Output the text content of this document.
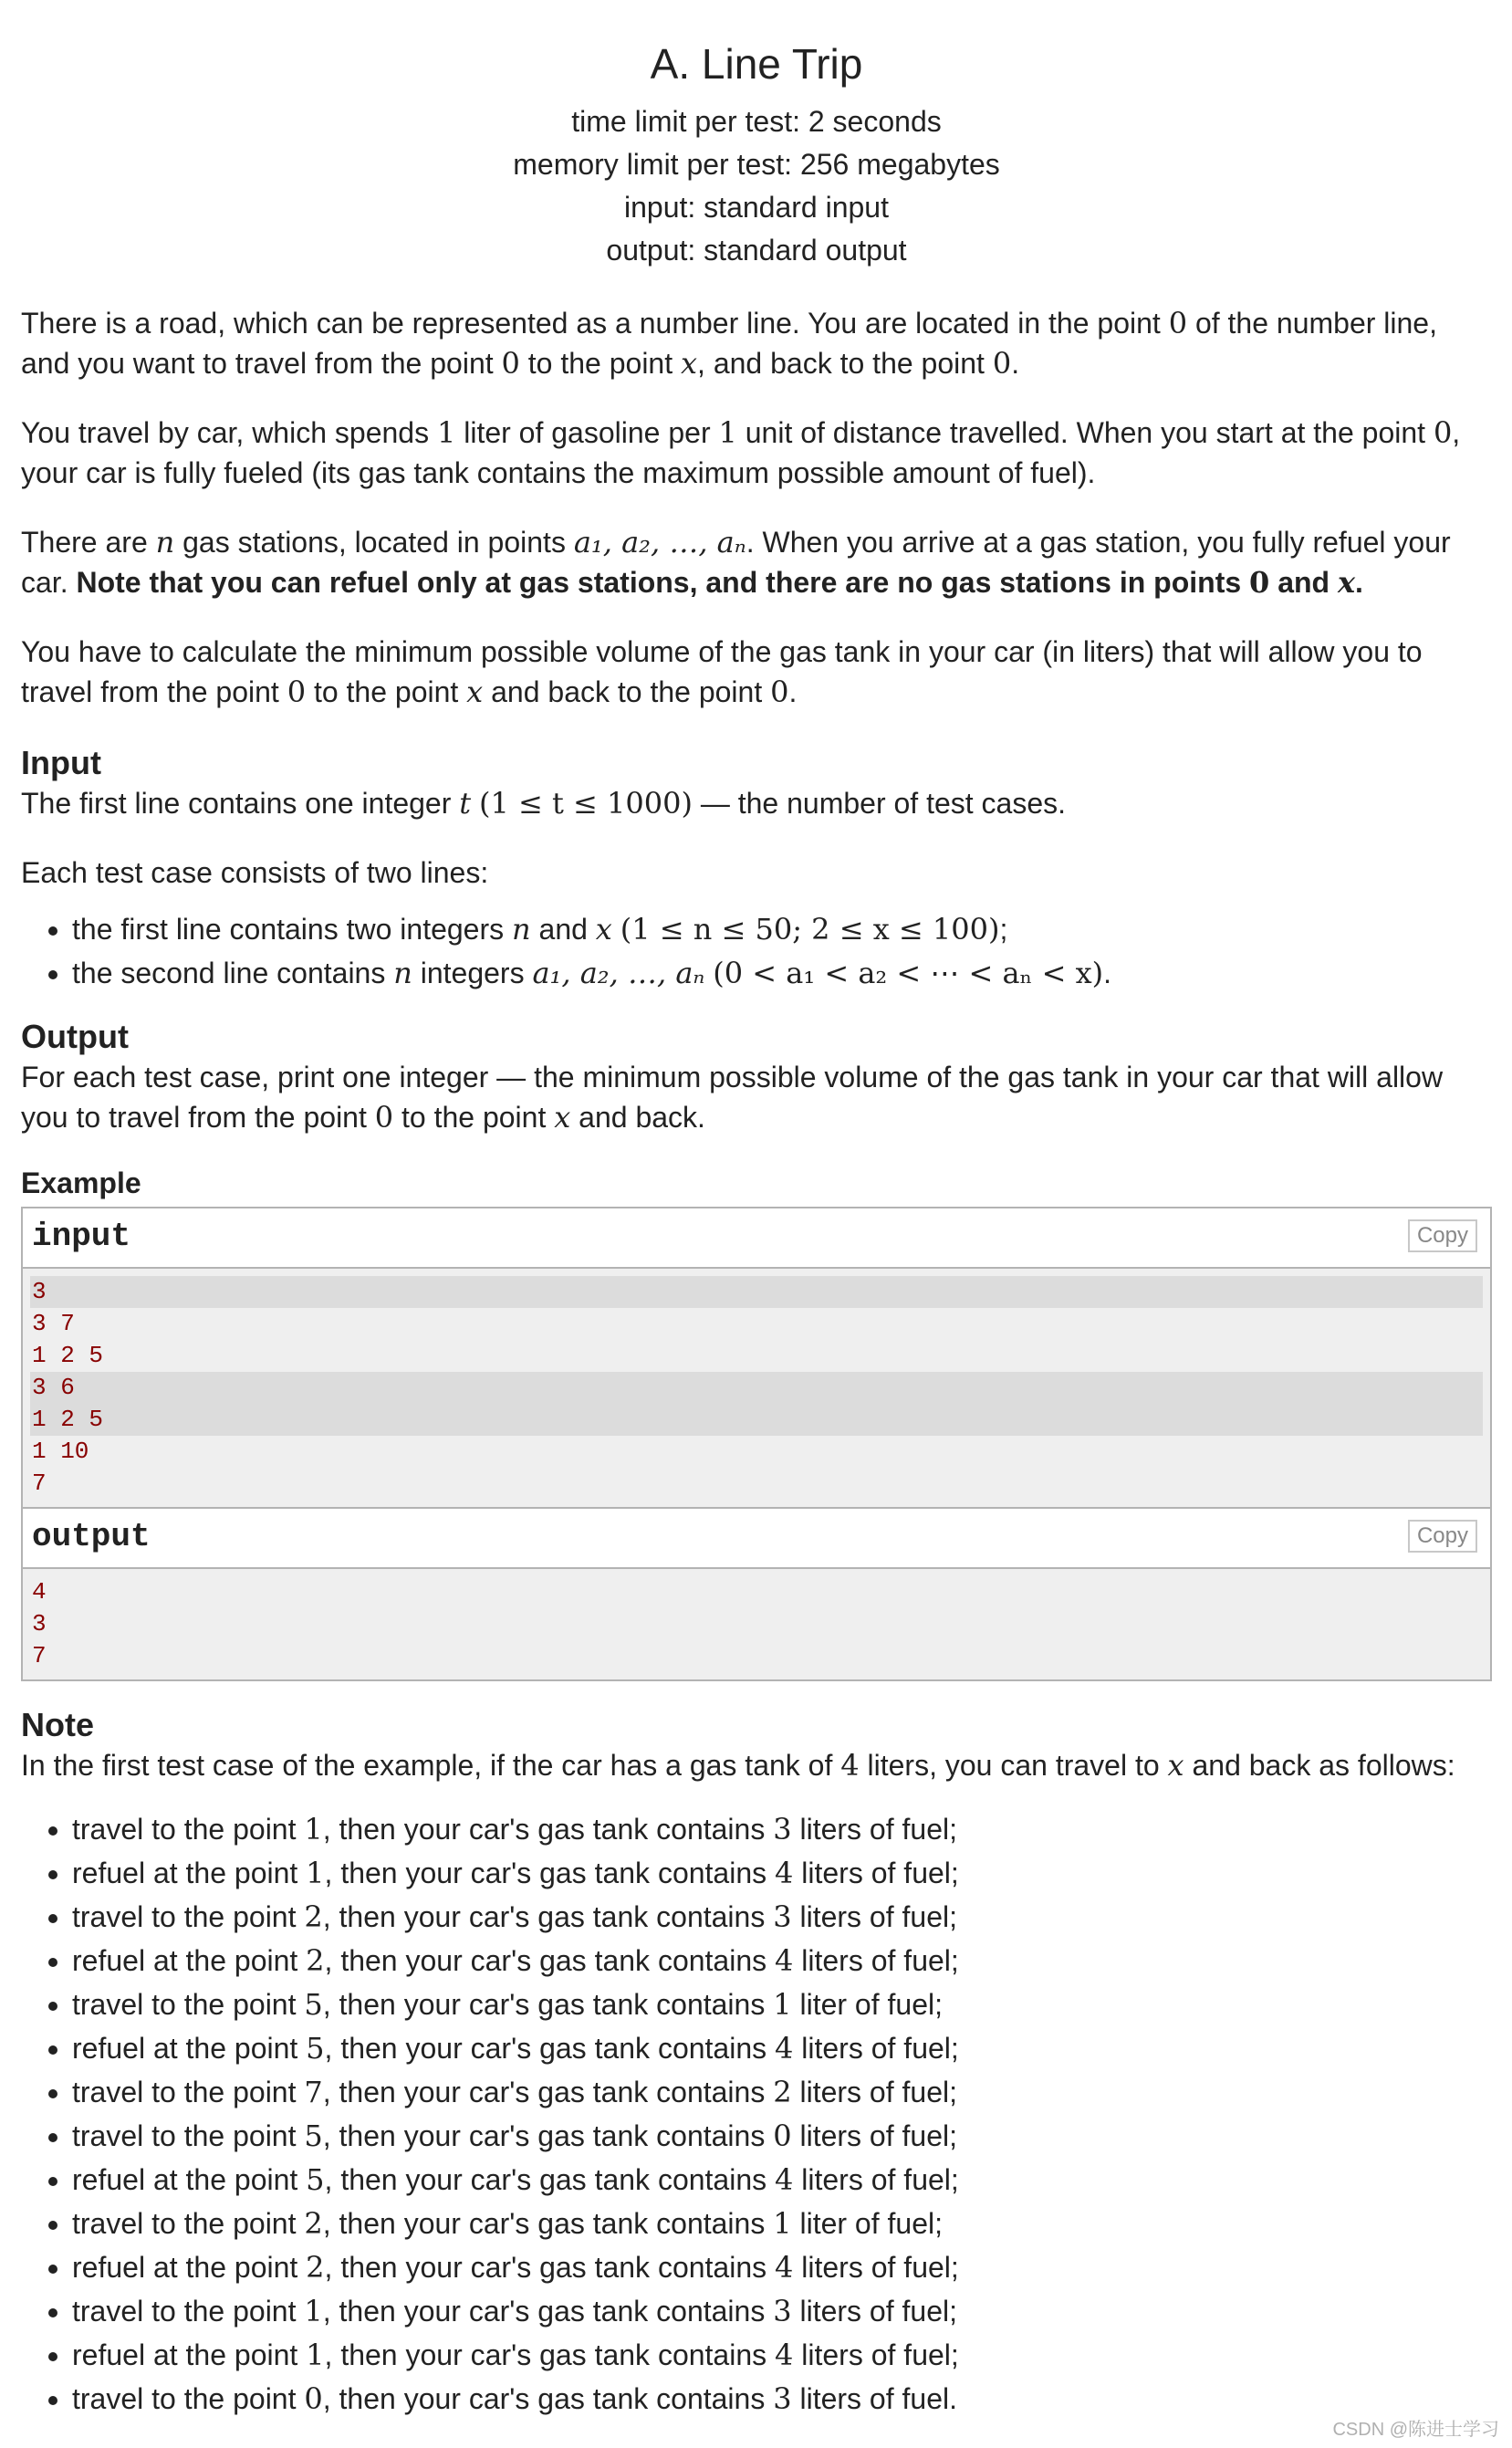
A. Line Trip
time limit per test: 2 seconds
memory limit per test: 256 megabytes
input: standard input
output: standard output

There is a road, which can be represented as a number line. You are located in the point 0 of the number line, and you want to travel from the point 0 to the point x, and back to the point 0.

You travel by car, which spends 1 liter of gasoline per 1 unit of distance travelled. When you start at the point 0, your car is fully fueled (its gas tank contains the maximum possible amount of fuel).

There are n gas stations, located in points a₁, a₂, …, aₙ. When you arrive at a gas station, you fully refuel your car. Note that you can refuel only at gas stations, and there are no gas stations in points 0 and x.

You have to calculate the minimum possible volume of the gas tank in your car (in liters) that will allow you to travel from the point 0 to the point x and back to the point 0.

Input

The first line contains one integer t (1 ≤ t ≤ 1000) — the number of test cases.

Each test case consists of two lines:

• the first line contains two integers n and x (1 ≤ n ≤ 50; 2 ≤ x ≤ 100);
• the second line contains n integers a₁, a₂, …, aₙ (0 < a₁ < a₂ < ⋯ < aₙ < x).
Output

For each test case, print one integer — the minimum possible volume of the gas tank in your car that will allow you to travel from the point 0 to the point x and back.

Example
input	Copy
3
3 7
1 2 5
3 6
1 2 5
1 10
7
output	Copy
4
3
7
Note

In the first test case of the example, if the car has a gas tank of 4 liters, you can travel to x and back as follows:

• travel to the point 1, then your car's gas tank contains 3 liters of fuel;
• refuel at the point 1, then your car's gas tank contains 4 liters of fuel;
• travel to the point 2, then your car's gas tank contains 3 liters of fuel;
• refuel at the point 2, then your car's gas tank contains 4 liters of fuel;
• travel to the point 5, then your car's gas tank contains 1 liter of fuel;
• refuel at the point 5, then your car's gas tank contains 4 liters of fuel;
• travel to the point 7, then your car's gas tank contains 2 liters of fuel;
• travel to the point 5, then your car's gas tank contains 0 liters of fuel;
• refuel at the point 5, then your car's gas tank contains 4 liters of fuel;
• travel to the point 2, then your car's gas tank contains 1 liter of fuel;
• refuel at the point 2, then your car's gas tank contains 4 liters of fuel;
• travel to the point 1, then your car's gas tank contains 3 liters of fuel;
• refuel at the point 1, then your car's gas tank contains 4 liters of fuel;
• travel to the point 0, then your car's gas tank contains 3 liters of fuel.
CSDN @陈进士学习
